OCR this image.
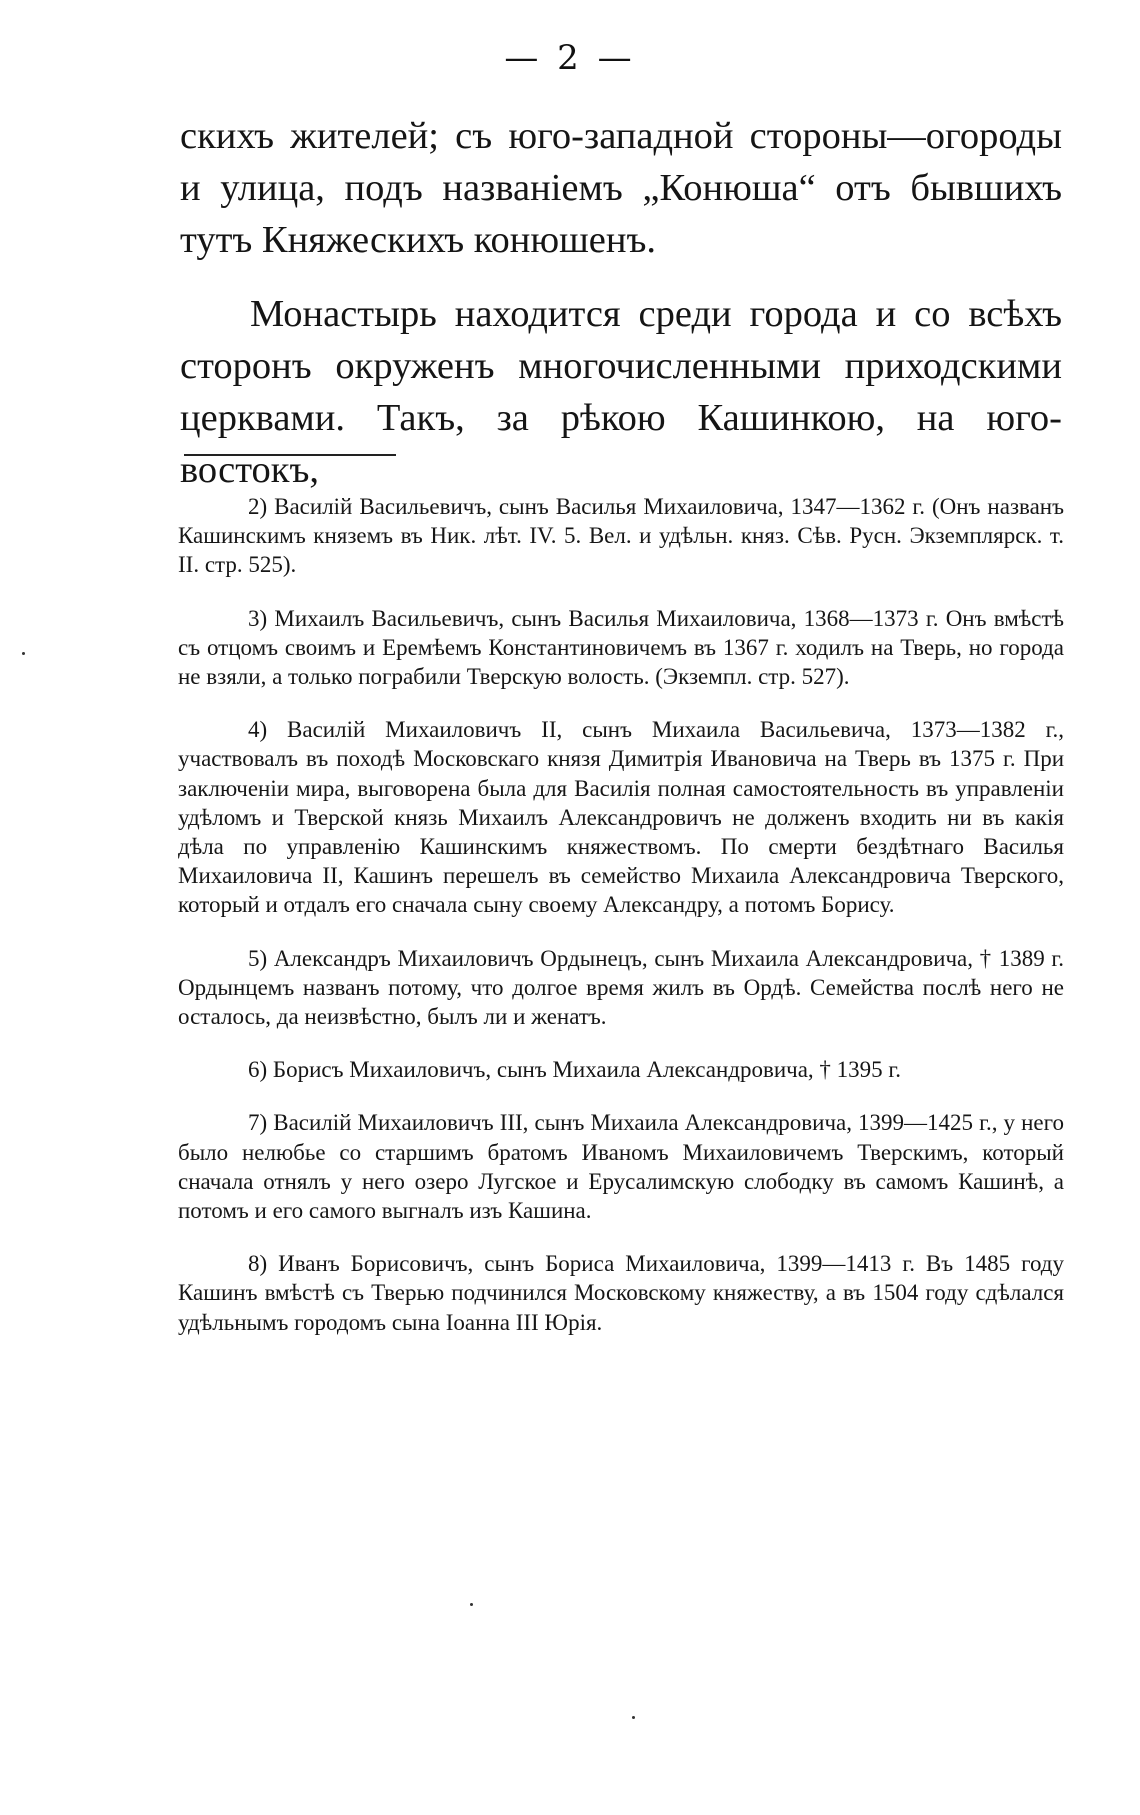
— 2 —

скихъ жителей; съ юго-западной стороны—огороды и улица, подъ названіемъ „Конюша“ отъ бывшихъ тутъ Княжескихъ конюшенъ.

Монастырь находится среди города и со всѣхъ сторонъ окруженъ многочисленными приходскими церквами. Такъ, за рѣкою Кашинкою, на юго-востокъ,

2) Василій Васильевичъ, сынъ Василья Михаиловича, 1347—1362 г. (Онъ названъ Кашинскимъ княземъ въ Ник. лѣт. IV. 5. Вел. и удѣльн. княз. Сѣв. Русн. Экземплярск. т. II. стр. 525).

3) Михаилъ Васильевичъ, сынъ Василья Михаиловича, 1368—1373 г. Онъ вмѣстѣ съ отцомъ своимъ и Еремѣемъ Константиновичемъ въ 1367 г. ходилъ на Тверь, но города не взяли, а только пограбили Тверскую волость. (Экземпл. стр. 527).

4) Василій Михаиловичъ II, сынъ Михаила Васильевича, 1373—1382 г., участвовалъ въ походѣ Московскаго князя Димитрія Ивановича на Тверь въ 1375 г. При заключеніи мира, выговорена была для Василія полная самостоятельность въ управленіи удѣломъ и Тверской князь Михаилъ Александровичъ не долженъ входить ни въ какія дѣла по управленію Кашинскимъ княжествомъ. По смерти бездѣтнаго Василья Михаиловича II, Кашинъ перешелъ въ семейство Михаила Александровича Тверского, который и отдалъ его сначала сыну своему Александру, а потомъ Борису.

5) Александръ Михаиловичъ Ордынецъ, сынъ Михаила Александровича, † 1389 г. Ордынцемъ названъ потому, что долгое время жилъ въ Ордѣ. Семейства послѣ него не осталось, да неизвѣстно, былъ ли и женатъ.

6) Борисъ Михаиловичъ, сынъ Михаила Александровича, † 1395 г.

7) Василій Михаиловичъ III, сынъ Михаила Александровича, 1399—1425 г., у него было нелюбье со старшимъ братомъ Иваномъ Михаиловичемъ Тверскимъ, который сначала отнялъ у него озеро Лугское и Ерусалимскую слободку въ самомъ Кашинѣ, а потомъ и его самого выгналъ изъ Кашина.

8) Иванъ Борисовичъ, сынъ Бориса Михаиловича, 1399—1413 г. Въ 1485 году Кашинъ вмѣстѣ съ Тверью подчинился Московскому княжеству, а въ 1504 году сдѣлался удѣльнымъ городомъ сына Іоанна III Юрія.
